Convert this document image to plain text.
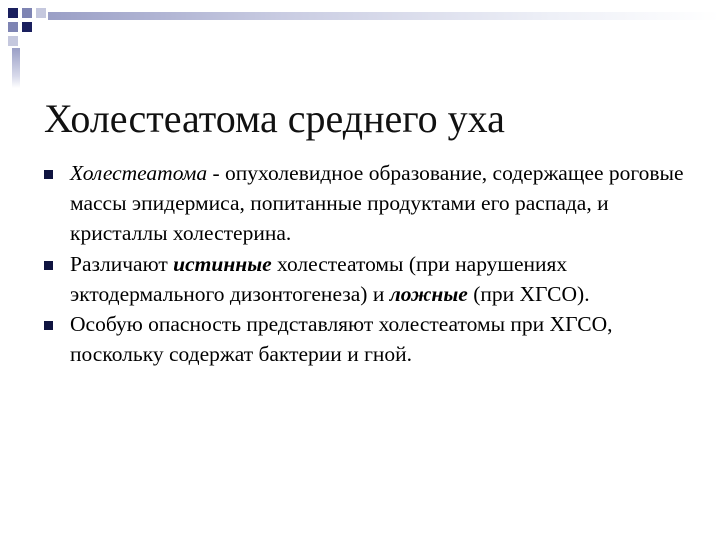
Холестеатома среднего уха
Холестеатома - опухолевидное образование, содержащее роговые массы эпидермиса, попитанные продуктами его распада, и кристаллы холестерина.
Различают истинные холестеатомы (при нарушениях эктодермального дизонтогенеза) и ложные (при ХГСО).
Особую опасность представляют холестеатомы при ХГСО, поскольку содержат бактерии и гной.
